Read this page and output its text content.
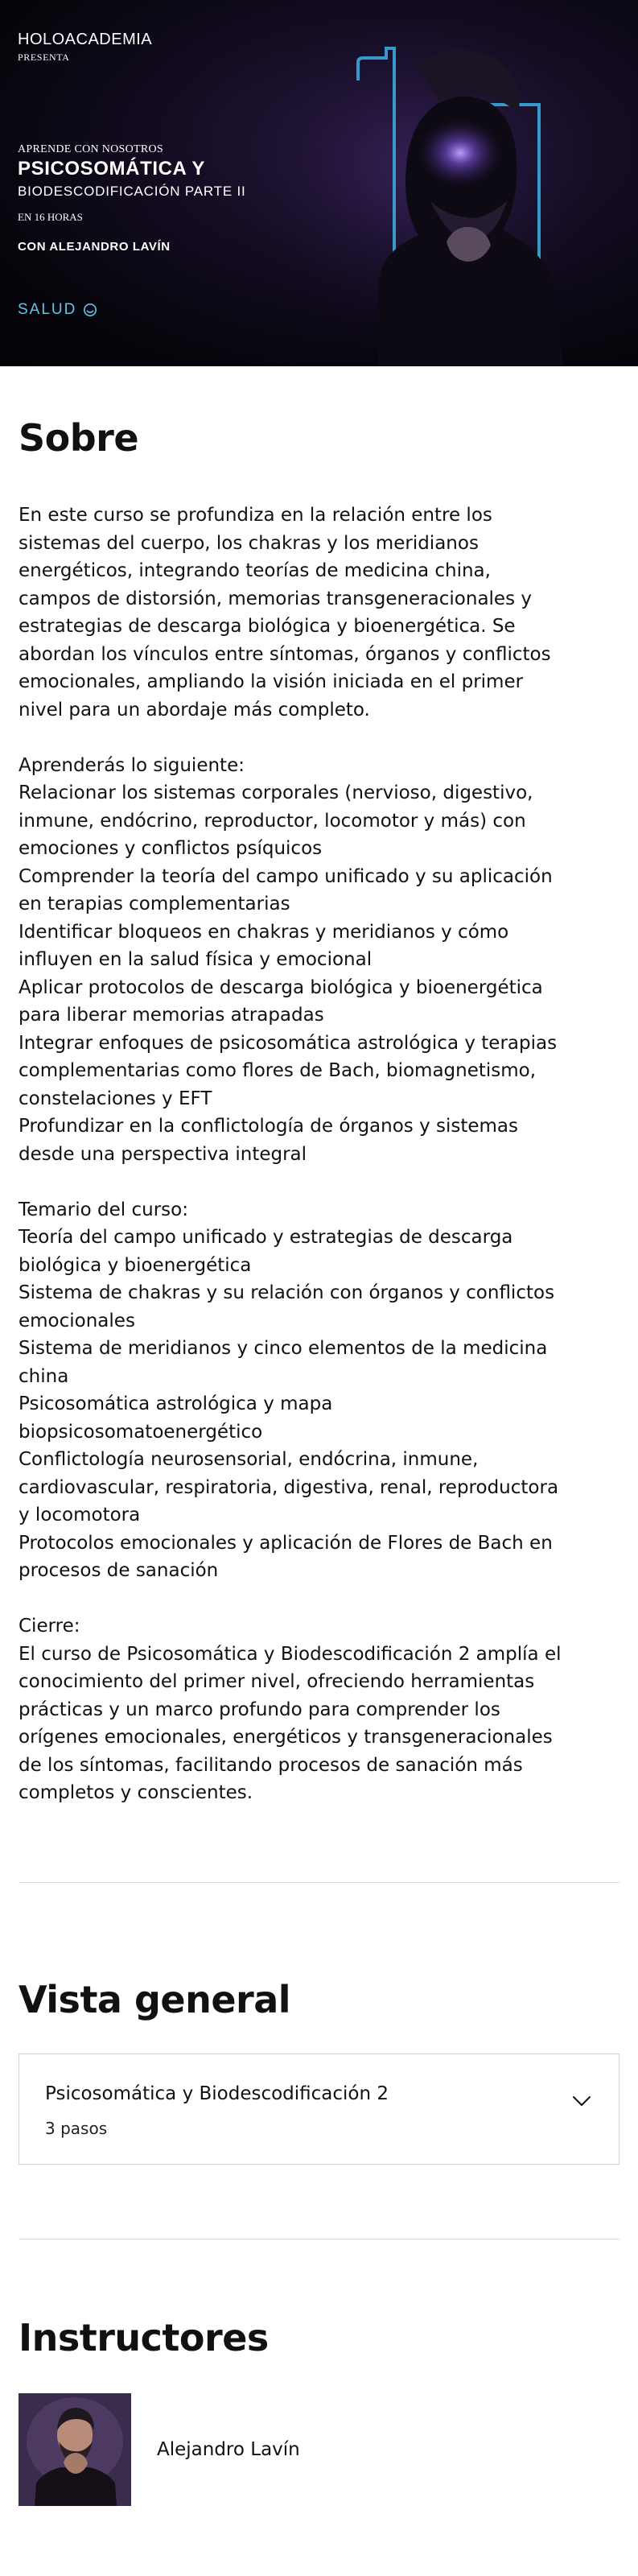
HOLOACADEMIA
PRESENTA
APRENDE CON NOSOTROS
PSICOSOMÁTICA Y
BIODESCODIFICACIÓN PARTE II
EN 16 HORAS
CON ALEJANDRO LAVÍN
SALUD
Sobre
En este curso se profundiza en la relación entre los
sistemas del cuerpo, los chakras y los meridianos
energéticos, integrando teorías de medicina china,
campos de distorsión, memorias transgeneracionales y
estrategias de descarga biológica y bioenergética. Se
abordan los vínculos entre síntomas, órganos y conflictos
emocionales, ampliando la visión iniciada en el primer
nivel para un abordaje más completo.

Aprenderás lo siguiente:
Relacionar los sistemas corporales (nervioso, digestivo,
inmune, endócrino, reproductor, locomotor y más) con
emociones y conflictos psíquicos
Comprender la teoría del campo unificado y su aplicación
en terapias complementarias
Identificar bloqueos en chakras y meridianos y cómo
influyen en la salud física y emocional
Aplicar protocolos de descarga biológica y bioenergética
para liberar memorias atrapadas
Integrar enfoques de psicosomática astrológica y terapias
complementarias como flores de Bach, biomagnetismo,
constelaciones y EFT
Profundizar en la conflictología de órganos y sistemas
desde una perspectiva integral

Temario del curso:
Teoría del campo unificado y estrategias de descarga
biológica y bioenergética
Sistema de chakras y su relación con órganos y conflictos
emocionales
Sistema de meridianos y cinco elementos de la medicina
china
Psicosomática astrológica y mapa
biopsicosomatoenergético
Conflictología neurosensorial, endócrina, inmune,
cardiovascular, respiratoria, digestiva, renal, reproductora
y locomotora
Protocolos emocionales y aplicación de Flores de Bach en
procesos de sanación

Cierre:
El curso de Psicosomática y Biodescodificación 2 amplía el
conocimiento del primer nivel, ofreciendo herramientas
prácticas y un marco profundo para comprender los
orígenes emocionales, energéticos y transgeneracionales
de los síntomas, facilitando procesos de sanación más
completos y conscientes.
Vista general
Psicosomática y Biodescodificación 2
3 pasos
Instructores
Alejandro Lavín
